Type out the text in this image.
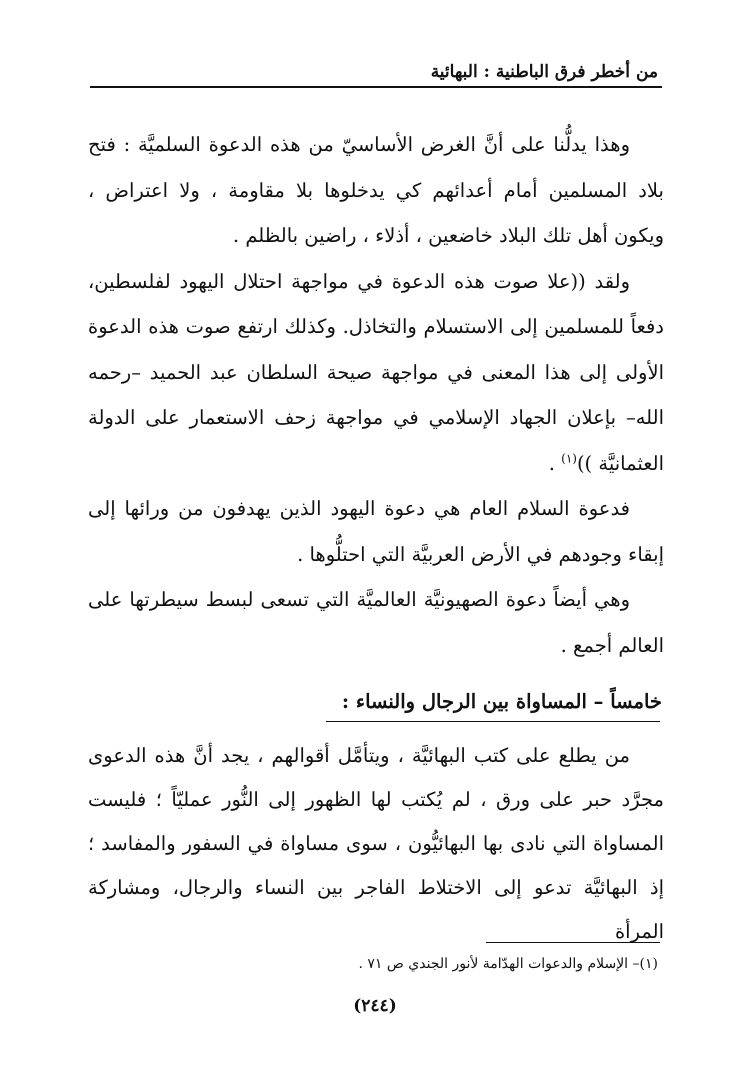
من أخطر فرق الباطنية : البهائية

وهذا يدلُّنا على أنَّ الغرض الأساسيّ من هذه الدعوة السلميَّة : فتح بلاد المسلمين أمام أعدائهم كي يدخلوها بلا مقاومة ، ولا اعتراض ، ويكون أهل تلك البلاد خاضعين ، أذلاء ، راضين بالظلم .

ولقد ((علا صوت هذه الدعوة في مواجهة احتلال اليهود لفلسطين، دفعاً للمسلمين إلى الاستسلام والتخاذل. وكذلك ارتفع صوت هذه الدعوة الأولى إلى هذا المعنى في مواجهة صيحة السلطان عبد الحميد –رحمه الله– بإعلان الجهاد الإسلامي في مواجهة زحف الاستعمار على الدولة العثمانيَّة ))$^{(١)}$ .

فدعوة السلام العام هي دعوة اليهود الذين يهدفون من ورائها إلى إبقاء وجودهم في الأرض العربيَّة التي احتلُّوها .

وهي أيضاً دعوة الصهيونيَّة العالميَّة التي تسعى لبسط سيطرتها على العالم أجمع .

خامساً – المساواة بين الرجال والنساء :

من يطلع على كتب البهائيَّة ، ويتأمَّل أقوالهم ، يجد أنَّ هذه الدعوى مجرَّد حبر على ورق ، لم يُكتب لها الظهور إلى النُّور عمليّاً ؛ فليست المساواة التي نادى بها البهائيُّون ، سوى مساواة في السفور والمفاسد ؛ إذ البهائيَّة تدعو إلى الاختلاط الفاجر بين النساء والرجال، ومشاركة المرأة

(١)– الإسلام والدعوات الهدّامة لأنور الجندي ص ٧١ .
(٢٤٤)
